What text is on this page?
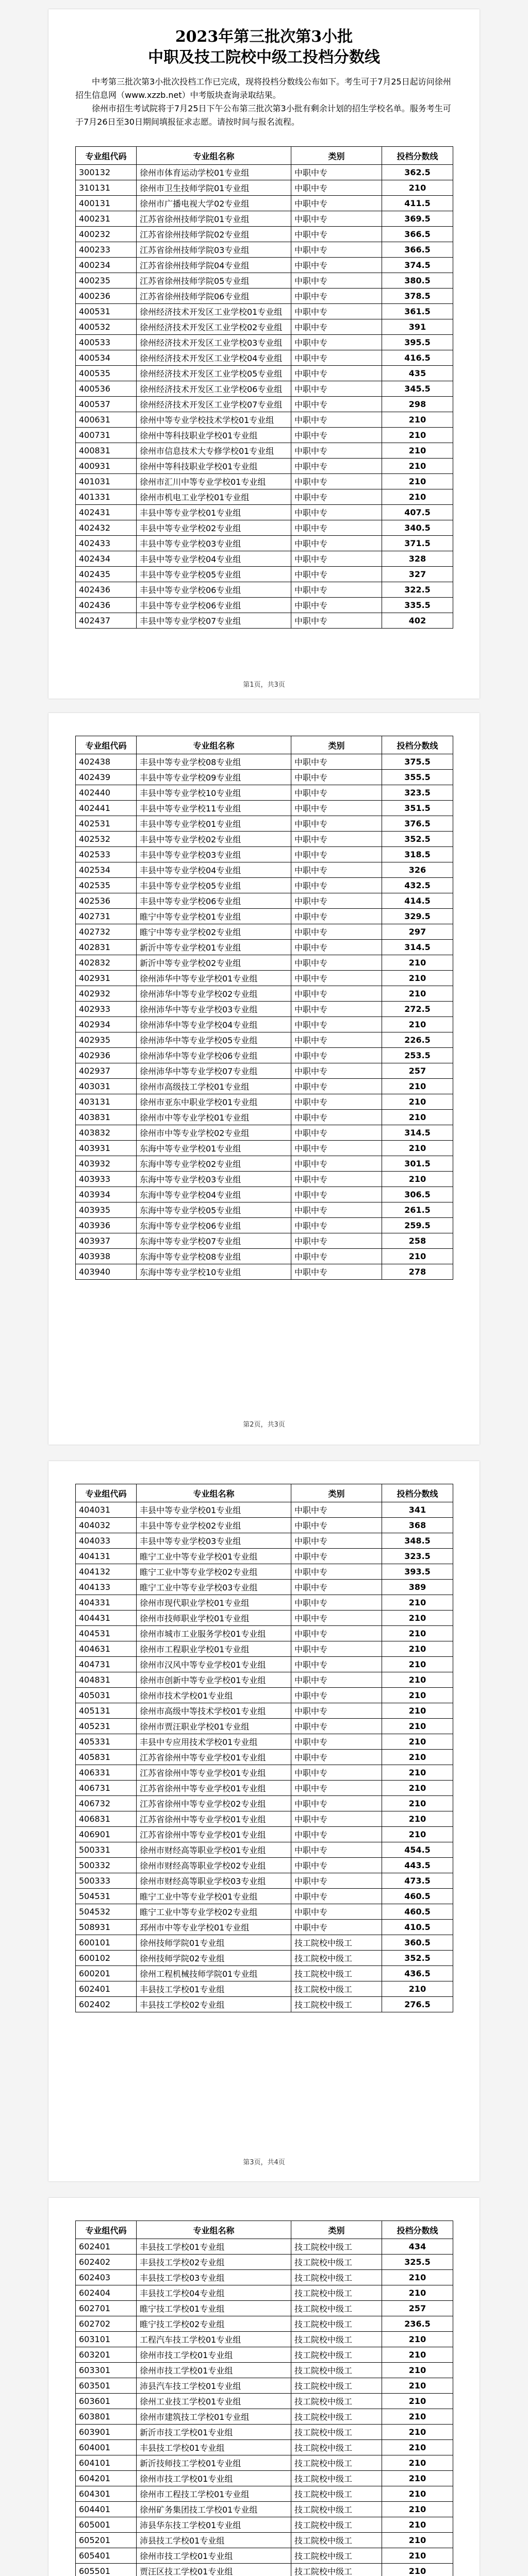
2023年第三批次第3小批
中职及技工院校中级工投档分数线

中考第三批次第3小批次投档工作已完成，现将投档分数线公布如下。考生可于7月25日起访问徐州招生信息网（www.xzzb.net）中考版块查询录取结果。

徐州市招生考试院将于7月25日下午公布第三批次第3小批有剩余计划的招生学校名单。服务考生可于7月26日至30日期间填报征求志愿。请按时间与报名流程。

专业组代码	专业组名称	类别	投档分数线
300132	徐州市体育运动学校01专业组	中职中专	362.5
310131	徐州市卫生技师学院01专业组	中职中专	210
400131	徐州市广播电视大学02专业组	中职中专	411.5
400231	江苏省徐州技师学院01专业组	中职中专	369.5
400232	江苏省徐州技师学院02专业组	中职中专	366.5
400233	江苏省徐州技师学院03专业组	中职中专	366.5
400234	江苏省徐州技师学院04专业组	中职中专	374.5
400235	江苏省徐州技师学院05专业组	中职中专	380.5
400236	江苏省徐州技师学院06专业组	中职中专	378.5
400531	徐州经济技术开发区工业学校01专业组	中职中专	361.5
400532	徐州经济技术开发区工业学校02专业组	中职中专	391
400533	徐州经济技术开发区工业学校03专业组	中职中专	395.5
400534	徐州经济技术开发区工业学校04专业组	中职中专	416.5
400535	徐州经济技术开发区工业学校05专业组	中职中专	435
400536	徐州经济技术开发区工业学校06专业组	中职中专	345.5
400537	徐州经济技术开发区工业学校07专业组	中职中专	298
400631	徐州中等专业学校技术学校01专业组	中职中专	210
400731	徐州中等科技职业学校01专业组	中职中专	210
400831	徐州市信息技术大专修学校01专业组	中职中专	210
400931	徐州中等科技职业学校01专业组	中职中专	210
401031	徐州市汇川中等专业学校01专业组	中职中专	210
401331	徐州市机电工业学校01专业组	中职中专	210
402431	丰县中等专业学校01专业组	中职中专	407.5
402432	丰县中等专业学校02专业组	中职中专	340.5
402433	丰县中等专业学校03专业组	中职中专	371.5
402434	丰县中等专业学校04专业组	中职中专	328
402435	丰县中等专业学校05专业组	中职中专	327
402436	丰县中等专业学校06专业组	中职中专	322.5
402436	丰县中等专业学校06专业组	中职中专	335.5
402437	丰县中等专业学校07专业组	中职中专	402
第1页，共3页
专业组代码	专业组名称	类别	投档分数线
402438	丰县中等专业学校08专业组	中职中专	375.5
402439	丰县中等专业学校09专业组	中职中专	355.5
402440	丰县中等专业学校10专业组	中职中专	323.5
402441	丰县中等专业学校11专业组	中职中专	351.5
402531	丰县中等专业学校01专业组	中职中专	376.5
402532	丰县中等专业学校02专业组	中职中专	352.5
402533	丰县中等专业学校03专业组	中职中专	318.5
402534	丰县中等专业学校04专业组	中职中专	326
402535	丰县中等专业学校05专业组	中职中专	432.5
402536	丰县中等专业学校06专业组	中职中专	414.5
402731	睢宁中等专业学校01专业组	中职中专	329.5
402732	睢宁中等专业学校02专业组	中职中专	297
402831	新沂中等专业学校01专业组	中职中专	314.5
402832	新沂中等专业学校02专业组	中职中专	210
402931	徐州沛华中等专业学校01专业组	中职中专	210
402932	徐州沛华中等专业学校02专业组	中职中专	210
402933	徐州沛华中等专业学校03专业组	中职中专	272.5
402934	徐州沛华中等专业学校04专业组	中职中专	210
402935	徐州沛华中等专业学校05专业组	中职中专	226.5
402936	徐州沛华中等专业学校06专业组	中职中专	253.5
402937	徐州沛华中等专业学校07专业组	中职中专	257
403031	徐州市高级技工学校01专业组	中职中专	210
403131	徐州市亚东中职业学校01专业组	中职中专	210
403831	徐州市中等专业学校01专业组	中职中专	210
403832	徐州市中等专业学校02专业组	中职中专	314.5
403931	东海中等专业学校01专业组	中职中专	210
403932	东海中等专业学校02专业组	中职中专	301.5
403933	东海中等专业学校03专业组	中职中专	210
403934	东海中等专业学校04专业组	中职中专	306.5
403935	东海中等专业学校05专业组	中职中专	261.5
403936	东海中等专业学校06专业组	中职中专	259.5
403937	东海中等专业学校07专业组	中职中专	258
403938	东海中等专业学校08专业组	中职中专	210
403940	东海中等专业学校10专业组	中职中专	278
第2页，共3页
专业组代码	专业组名称	类别	投档分数线
404031	丰县中等专业学校01专业组	中职中专	341
404032	丰县中等专业学校02专业组	中职中专	368
404033	丰县中等专业学校03专业组	中职中专	348.5
404131	睢宁工业中等专业学校01专业组	中职中专	323.5
404132	睢宁工业中等专业学校02专业组	中职中专	393.5
404133	睢宁工业中等专业学校03专业组	中职中专	389
404331	徐州市现代职业学校01专业组	中职中专	210
404431	徐州市技师职业学校01专业组	中职中专	210
404531	徐州市城市工业服务学校01专业组	中职中专	210
404631	徐州市工程职业学校01专业组	中职中专	210
404731	徐州市汉风中等专业学校01专业组	中职中专	210
404831	徐州市创新中等专业学校01专业组	中职中专	210
405031	徐州市技术学校01专业组	中职中专	210
405131	徐州市高级中等技术学校01专业组	中职中专	210
405231	徐州市贾汪职业学校01专业组	中职中专	210
405331	丰县中专应用技术学校01专业组	中职中专	210
405831	江苏省徐州中等专业学校01专业组	中职中专	210
406331	江苏省徐州中等专业学校01专业组	中职中专	210
406731	江苏省徐州中等专业学校01专业组	中职中专	210
406732	江苏省徐州中等专业学校02专业组	中职中专	210
406831	江苏省徐州中等专业学校01专业组	中职中专	210
406901	江苏省徐州中等专业学校01专业组	中职中专	210
500331	徐州市财经高等职业学校01专业组	中职中专	454.5
500332	徐州市财经高等职业学校02专业组	中职中专	443.5
500333	徐州市财经高等职业学校03专业组	中职中专	473.5
504531	睢宁工业中等专业学校01专业组	中职中专	460.5
504532	睢宁工业中等专业学校02专业组	中职中专	460.5
508931	邳州市中等专业学校01专业组	中职中专	410.5
600101	徐州技师学院01专业组	技工院校中级工	360.5
600102	徐州技师学院02专业组	技工院校中级工	352.5
600201	徐州工程机械技师学院01专业组	技工院校中级工	436.5
602401	丰县技工学校01专业组	技工院校中级工	210
602402	丰县技工学校02专业组	技工院校中级工	276.5
第3页，共4页
专业组代码	专业组名称	类别	投档分数线
602401	丰县技工学校01专业组	技工院校中级工	434
602402	丰县技工学校02专业组	技工院校中级工	325.5
602403	丰县技工学校03专业组	技工院校中级工	210
602404	丰县技工学校04专业组	技工院校中级工	210
602701	睢宁技工学校01专业组	技工院校中级工	257
602702	睢宁技工学校02专业组	技工院校中级工	236.5
603101	工程汽车技工学校01专业组	技工院校中级工	210
603201	徐州市技工学校01专业组	技工院校中级工	210
603301	徐州市技工学校01专业组	技工院校中级工	210
603501	沛县汽车技工学校01专业组	技工院校中级工	210
603601	徐州工业技工学校01专业组	技工院校中级工	210
603801	徐州市建筑技工学校01专业组	技工院校中级工	210
603901	新沂市技工学校01专业组	技工院校中级工	210
604001	丰县技工学校01专业组	技工院校中级工	210
604101	新沂技师技工学校01专业组	技工院校中级工	210
604201	徐州市技工学校01专业组	技工院校中级工	210
604301	徐州市工程技工学校01专业组	技工院校中级工	210
604401	徐州矿务集团技工学校01专业组	技工院校中级工	210
605001	沛县华东技工学校01专业组	技工院校中级工	210
605201	沛县技工学校01专业组	技工院校中级工	210
605401	徐州市技工学校01专业组	技工院校中级工	210
605501	贾汪区技工学校01专业组	技工院校中级工	210
